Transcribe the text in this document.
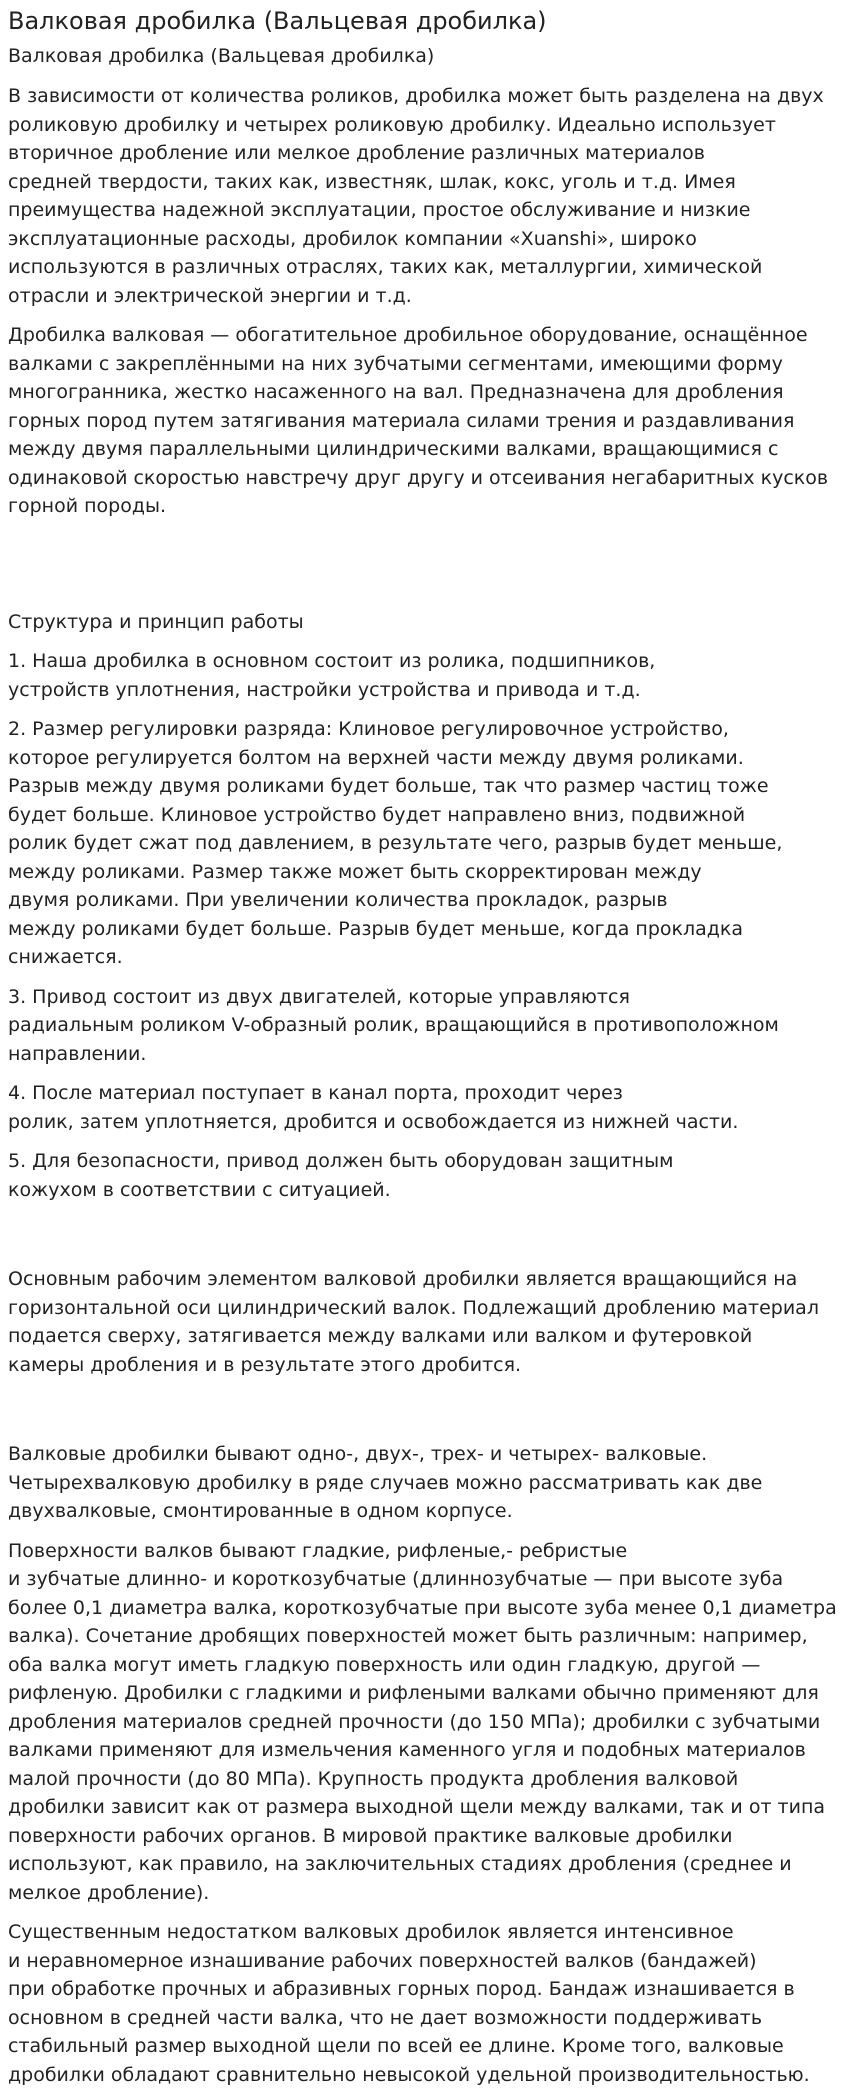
Валковая дробилка (Вальцевая дробилка)
Валковая дробилка (Вальцевая дробилка)

В зависимости от количества роликов, дробилка может быть разделена на двух
роликовую дробилку и четырех роликовую дробилку. Идеально использует
вторичное дробление или мелкое дробление различных материалов
средней твердости, таких как, известняк, шлак, кокс, уголь и т.д. Имея
преимущества надежной эксплуатации, простое обслуживание и низкие
эксплуатационные расходы, дробилок компании «Xuanshi», широко
используются в различных отраслях, таких как, металлургии, химической
отрасли и электрической энергии и т.д.

Дробилка валковая — обогатительное дробильное оборудование, оснащённое
валками с закреплёнными на них зубчатыми сегментами, имеющими форму
многогранника, жестко насаженного на вал. Предназначена для дробления
горных пород путем затягивания материала силами трения и раздавливания
между двумя параллельными цилиндрическими валками, вращающимися с
одинаковой скоростью навстречу друг другу и отсеивания негабаритных кусков
горной породы.

Структура и принцип работы

1. Наша дробилка в основном состоит из ролика, подшипников,
устройств уплотнения, настройки устройства и привода и т.д.

2. Размер регулировки разряда: Клиновое регулировочное устройство,
которое регулируется болтом на верхней части между двумя роликами.
Разрыв между двумя роликами будет больше, так что размер частиц тоже
будет больше. Клиновое устройство будет направлено вниз, подвижной
ролик будет сжат под давлением, в результате чего, разрыв будет меньше,
между роликами. Размер также может быть скорректирован между
двумя роликами. При увеличении количества прокладок, разрыв
между роликами будет больше. Разрыв будет меньше, когда прокладка
снижается.

3. Привод состоит из двух двигателей, которые управляются
радиальным роликом V-образный ролик, вращающийся в противоположном
направлении.

4. После материал поступает в канал порта, проходит через
ролик, затем уплотняется, дробится и освобождается из нижней части.

5. Для безопасности, привод должен быть оборудован защитным
кожухом в соответствии с ситуацией.

Основным рабочим элементом валковой дробилки является вращающийся на
горизонтальной оси цилиндрический валок. Подлежащий дроблению материал
подается сверху, затягивается между валками или валком и футеровкой
камеры дробления и в результате этого дробится.

Валковые дробилки бывают одно-, двух-, трех- и четырех- валковые.
Четырехвалковую дробилку в ряде случаев можно рассматривать как две
двухвалковые, смонтированные в одном корпусе.

Поверхности валков бывают гладкие, рифленые,- ребристые
и зубчатые длинно- и короткозубчатые (длиннозубчатые — при высоте зуба
более 0,1 диаметра валка, короткозубчатые при высоте зуба менее 0,1 диаметра
валка). Сочетание дробящих поверхностей может быть различным: например,
оба валка могут иметь гладкую поверхность или один гладкую, другой —
рифленую. Дробилки с гладкими и рифлеными валками обычно применяют для
дробления материалов средней прочности (до 150 МПа); дробилки с зубчатыми
валками применяют для измельчения каменного угля и подобных материалов
малой прочности (до 80 МПа). Крупность продукта дробления валковой
дробилки зависит как от размера выходной щели между валками, так и от типа
поверхности рабочих органов. В мировой практике валковые дробилки
используют, как правило, на заключительных стадиях дробления (среднее и
мелкое дробление).

Существенным недостатком валковых дробилок является интенсивное
и неравномерное изнашивание рабочих поверхностей валков (бандажей)
при обработке прочных и абразивных горных пород. Бандаж изнашивается в
основном в средней части валка, что не дает возможности поддерживать
стабильный размер выходной щели по всей ее длине. Кроме того, валковые
дробилки обладают сравнительно невысокой удельной производительностью.
